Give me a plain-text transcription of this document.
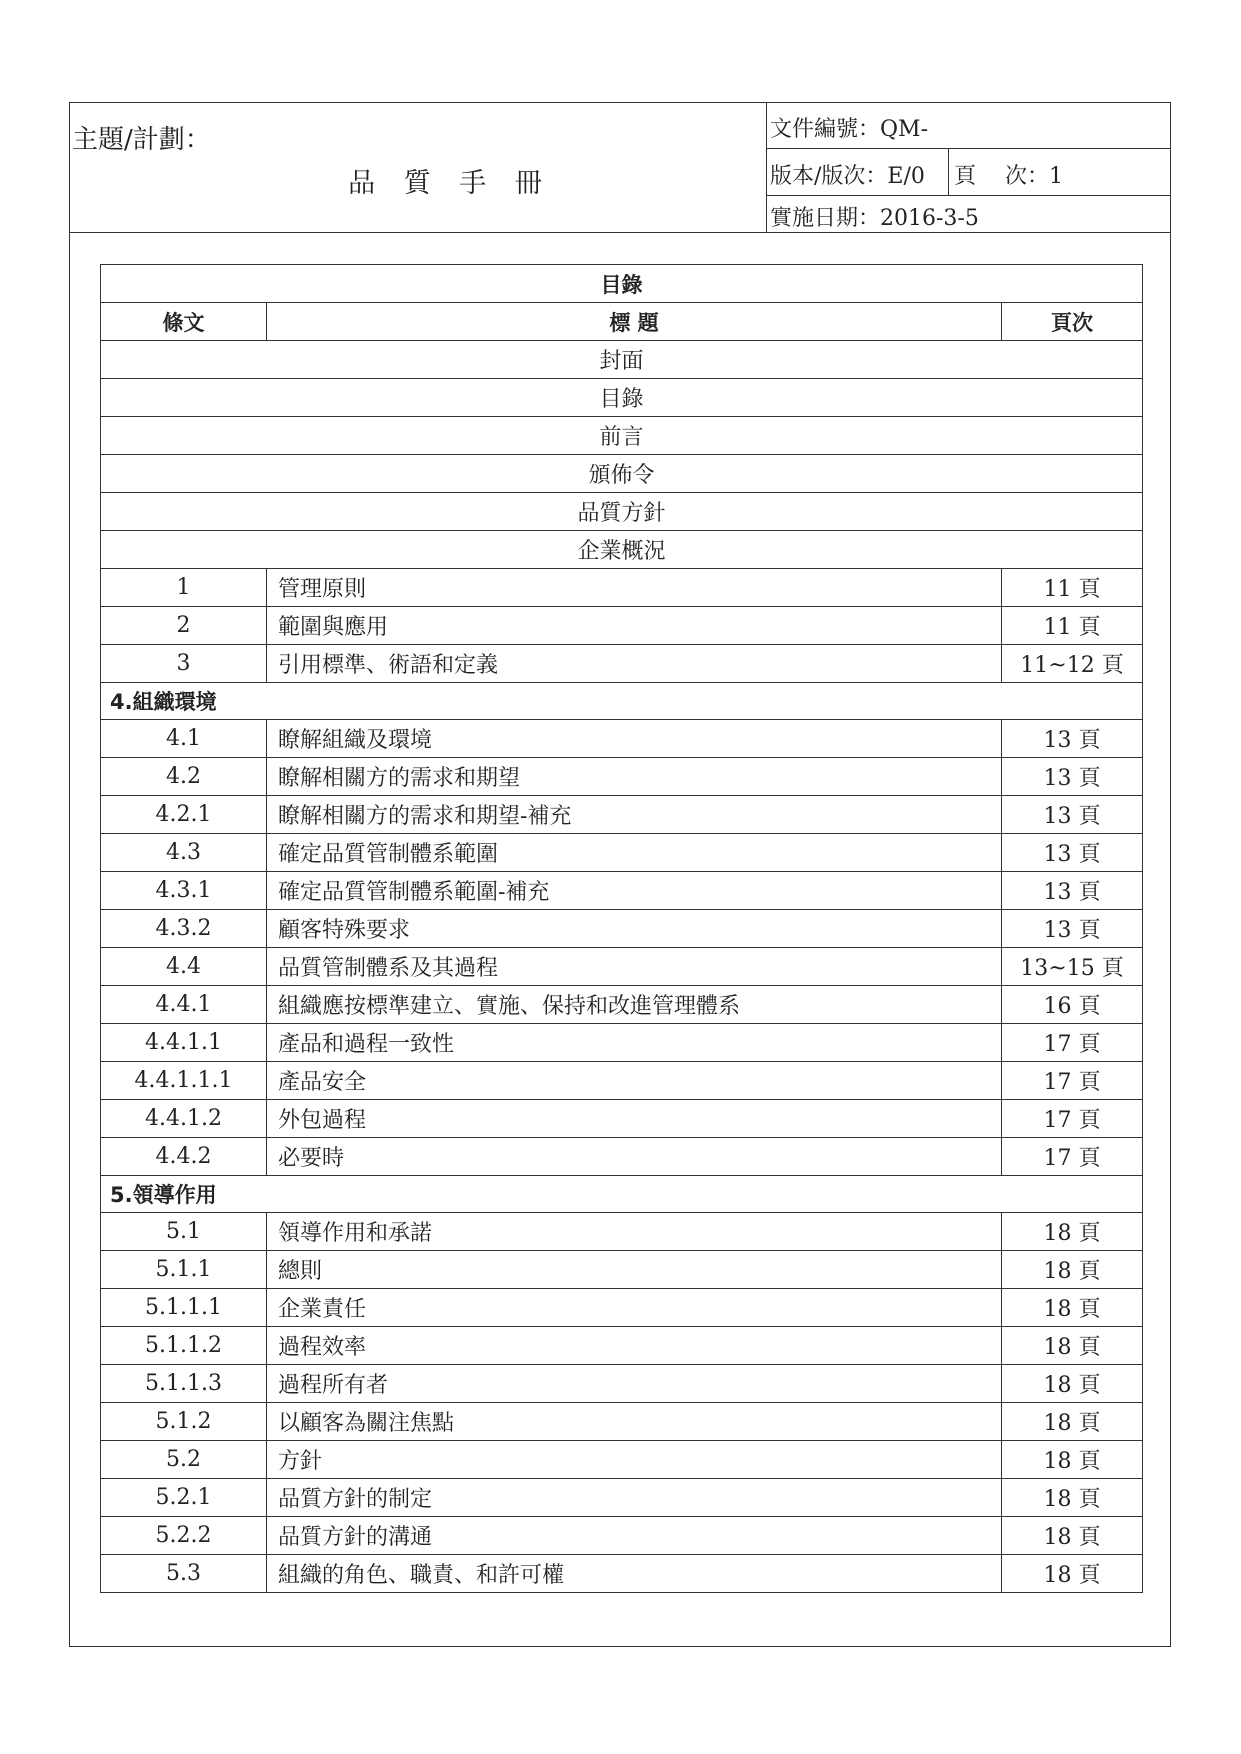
主題/計劃：
品 質 手 冊
文件編號：QM-
版本/版次：E/0 頁　 次：1
實施日期：2016-3-5
目錄		
條文	標 題	頁次
封面		
目錄		
前言		
頒佈令		
品質方針		
企業概況		
1	管理原則	11 頁
2	範圍與應用	11 頁
3	引用標準、術語和定義	11~12 頁
4.組織環境		
4.1	瞭解組織及環境	13 頁
4.2	瞭解相關方的需求和期望	13 頁
4.2.1	瞭解相關方的需求和期望-補充	13 頁
4.3	確定品質管制體系範圍	13 頁
4.3.1	確定品質管制體系範圍-補充	13 頁
4.3.2	顧客特殊要求	13 頁
4.4	品質管制體系及其過程	13~15 頁
4.4.1	組織應按標準建立、實施、保持和改進管理體系	16 頁
4.4.1.1	產品和過程一致性	17 頁
4.4.1.1.1	產品安全	17 頁
4.4.1.2	外包過程	17 頁
4.4.2	必要時	17 頁
5.領導作用		
5.1	領導作用和承諾	18 頁
5.1.1	總則	18 頁
5.1.1.1	企業責任	18 頁
5.1.1.2	過程效率	18 頁
5.1.1.3	過程所有者	18 頁
5.1.2	以顧客為關注焦點	18 頁
5.2	方針	18 頁
5.2.1	品質方針的制定	18 頁
5.2.2	品質方針的溝通	18 頁
5.3	組織的角色、職責、和許可權	18 頁
